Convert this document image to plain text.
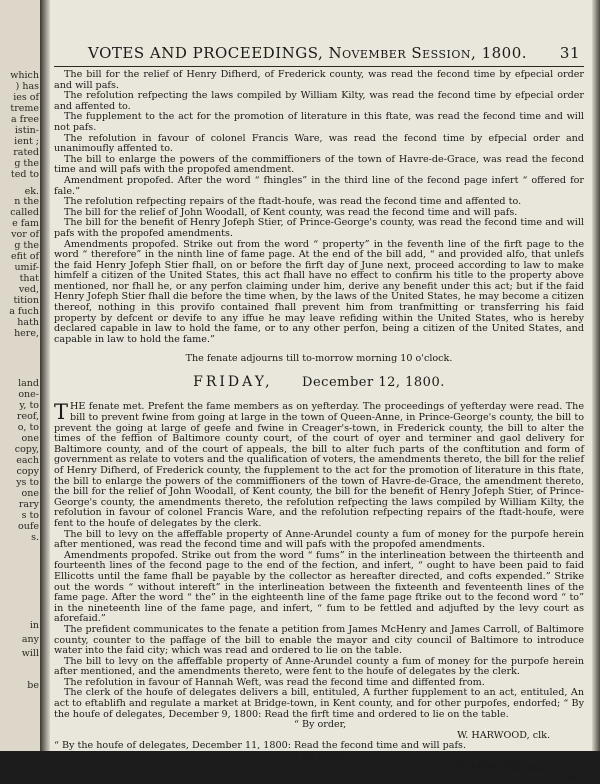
which
) has
ies of
treme
a free
istin-
ient ;
rated
g the
ted to
ek.
n the
called
e fam
vor of
g the
efit of
umif-
that
ved,
tition
a fuch
hath
here,
land
one-
y, to
reof,
o, to
one
copy,
each
copy
ys to
one
rary
s to
oufe
s.
in
any
will
be
VOTES AND PROCEEDINGS, November Session, 1800. 31

The bill for the relief of Henry Difherd, of Frederick county, was read the fecond time by efpecial order and will pafs.

The refolution refpecting the laws compiled by William Kilty, was read the fecond time by efpecial order and affented to.

The fupplement to the act for the promotion of literature in this ftate, was read the fecond time and will not pafs.

The refolution in favour of colonel Francis Ware, was read the fecond time by efpecial order and unanimoufly affented to.

The bill to enlarge the powers of the commiffioners of the town of Havre-de-Grace, was read the fecond time and will pafs with the propofed amendment.

Amendment propofed. After the word “ fhingles” in the third line of the fecond page infert “ offered for fale.”

The refolution refpecting repairs of the ftadt-houfe, was read the fecond time and affented to.

The bill for the relief of John Woodall, of Kent county, was read the fecond time and will pafs.

The bill for the benefit of Henry Jofeph Stier, of Prince-George's county, was read the fecond time and will pafs with the propofed amendments.

Amendments propofed. Strike out from the word “ property” in the feventh line of the firft page to the word “ therefore” in the ninth line of fame page. At the end of the bill add, “ and provided alfo, that unlefs the faid Henry Jofeph Stier fhall, on or before the firft day of June next, proceed according to law to make himfelf a citizen of the United States, this act fhall have no effect to confirm his title to the property above mentioned, nor fhall he, or any perfon claiming under him, derive any benefit under this act; but if the faid Henry Jofeph Stier fhall die before the time when, by the laws of the United States, he may become a citizen thereof, nothing in this provifo contained fhall prevent him from tranfmitting or transferring his faid property by defcent or devife to any iffue he may leave refiding within the United States, who is hereby declared capable in law to hold the fame, or to any other perfon, being a citizen of the United States, and capable in law to hold the fame.”

The fenate adjourns till to-morrow morning 10 o'clock.

FRIDAY, December 12, 1800.

THE fenate met. Prefent the fame members as on yefterday. The proceedings of yefterday were read. The bill to prevent fwine from going at large in the town of Queen-Anne, in Prince-George's county, the bill to prevent the going at large of geefe and fwine in Creager's-town, in Frederick county, the bill to alter the times of the feffion of Baltimore county court, of the court of oyer and terminer and gaol delivery for Baltimore county, and of the court of appeals, the bill to alter fuch parts of the conftitution and form of government as relate to voters and the qualification of voters, the amendments thereto, the bill for the relief of Henry Difherd, of Frederick county, the fupplement to the act for the promotion of literature in this ftate, the bill to enlarge the powers of the commiffioners of the town of Havre-de-Grace, the amendment thereto, the bill for the relief of John Woodall, of Kent county, the bill for the benefit of Henry Jofeph Stier, of Prince-George's county, the amendments thereto, the refolution refpecting the laws compiled by William Kilty, the refolution in favour of colonel Francis Ware, and the refolution refpecting repairs of the ftadt-houfe, were fent to the houfe of delegates by the clerk.

The bill to levy on the affeffable property of Anne-Arundel county a fum of money for the purpofe herein after mentioned, was read the fecond time and will pafs with the propofed amendments.

Amendments propofed. Strike out from the word “ fums” in the interlineation between the thirteenth and fourteenth lines of the fecond page to the end of the fection, and infert, “ ought to have been paid to faid Ellicotts until the fame fhall be payable by the collector as hereafter directed, and cofts expended.” Strike out the words “ without intereft” in the interlineation between the fixteenth and feventeenth lines of the fame page. After the word “ the” in the eighteenth line of the fame page ftrike out to the fecond word “ to” in the nineteenth line of the fame page, and infert, “ fum to be fettled and adjufted by the levy court as aforefaid.”

The prefident communicates to the fenate a petition from James McHenry and James Carroll, of Baltimore county, counter to the paffage of the bill to enable the mayor and city council of Baltimore to introduce water into the faid city; which was read and ordered to lie on the table.

The bill to levy on the affeffable property of Anne-Arundel county a fum of money for the purpofe herein after mentioned, and the amendments thereto, were fent to the houfe of delegates by the clerk.

The refolution in favour of Hannah Weft, was read the fecond time and diffented from.

The clerk of the houfe of delegates delivers a bill, entituled, A further fupplement to an act, entituled, An act to eftablifh and regulate a market at Bridge-town, in Kent county, and for other purpofes, endorfed; “ By the houfe of delegates, December 9, 1800: Read the firft time and ordered to lie on the table.

“ By order,

W. HARWOOD, clk.

“ By the houfe of delegates, December 11, 1800: Read the fecond time and will pafs.

“ By order,

W. HARWOOD, clk.”

A bill,
